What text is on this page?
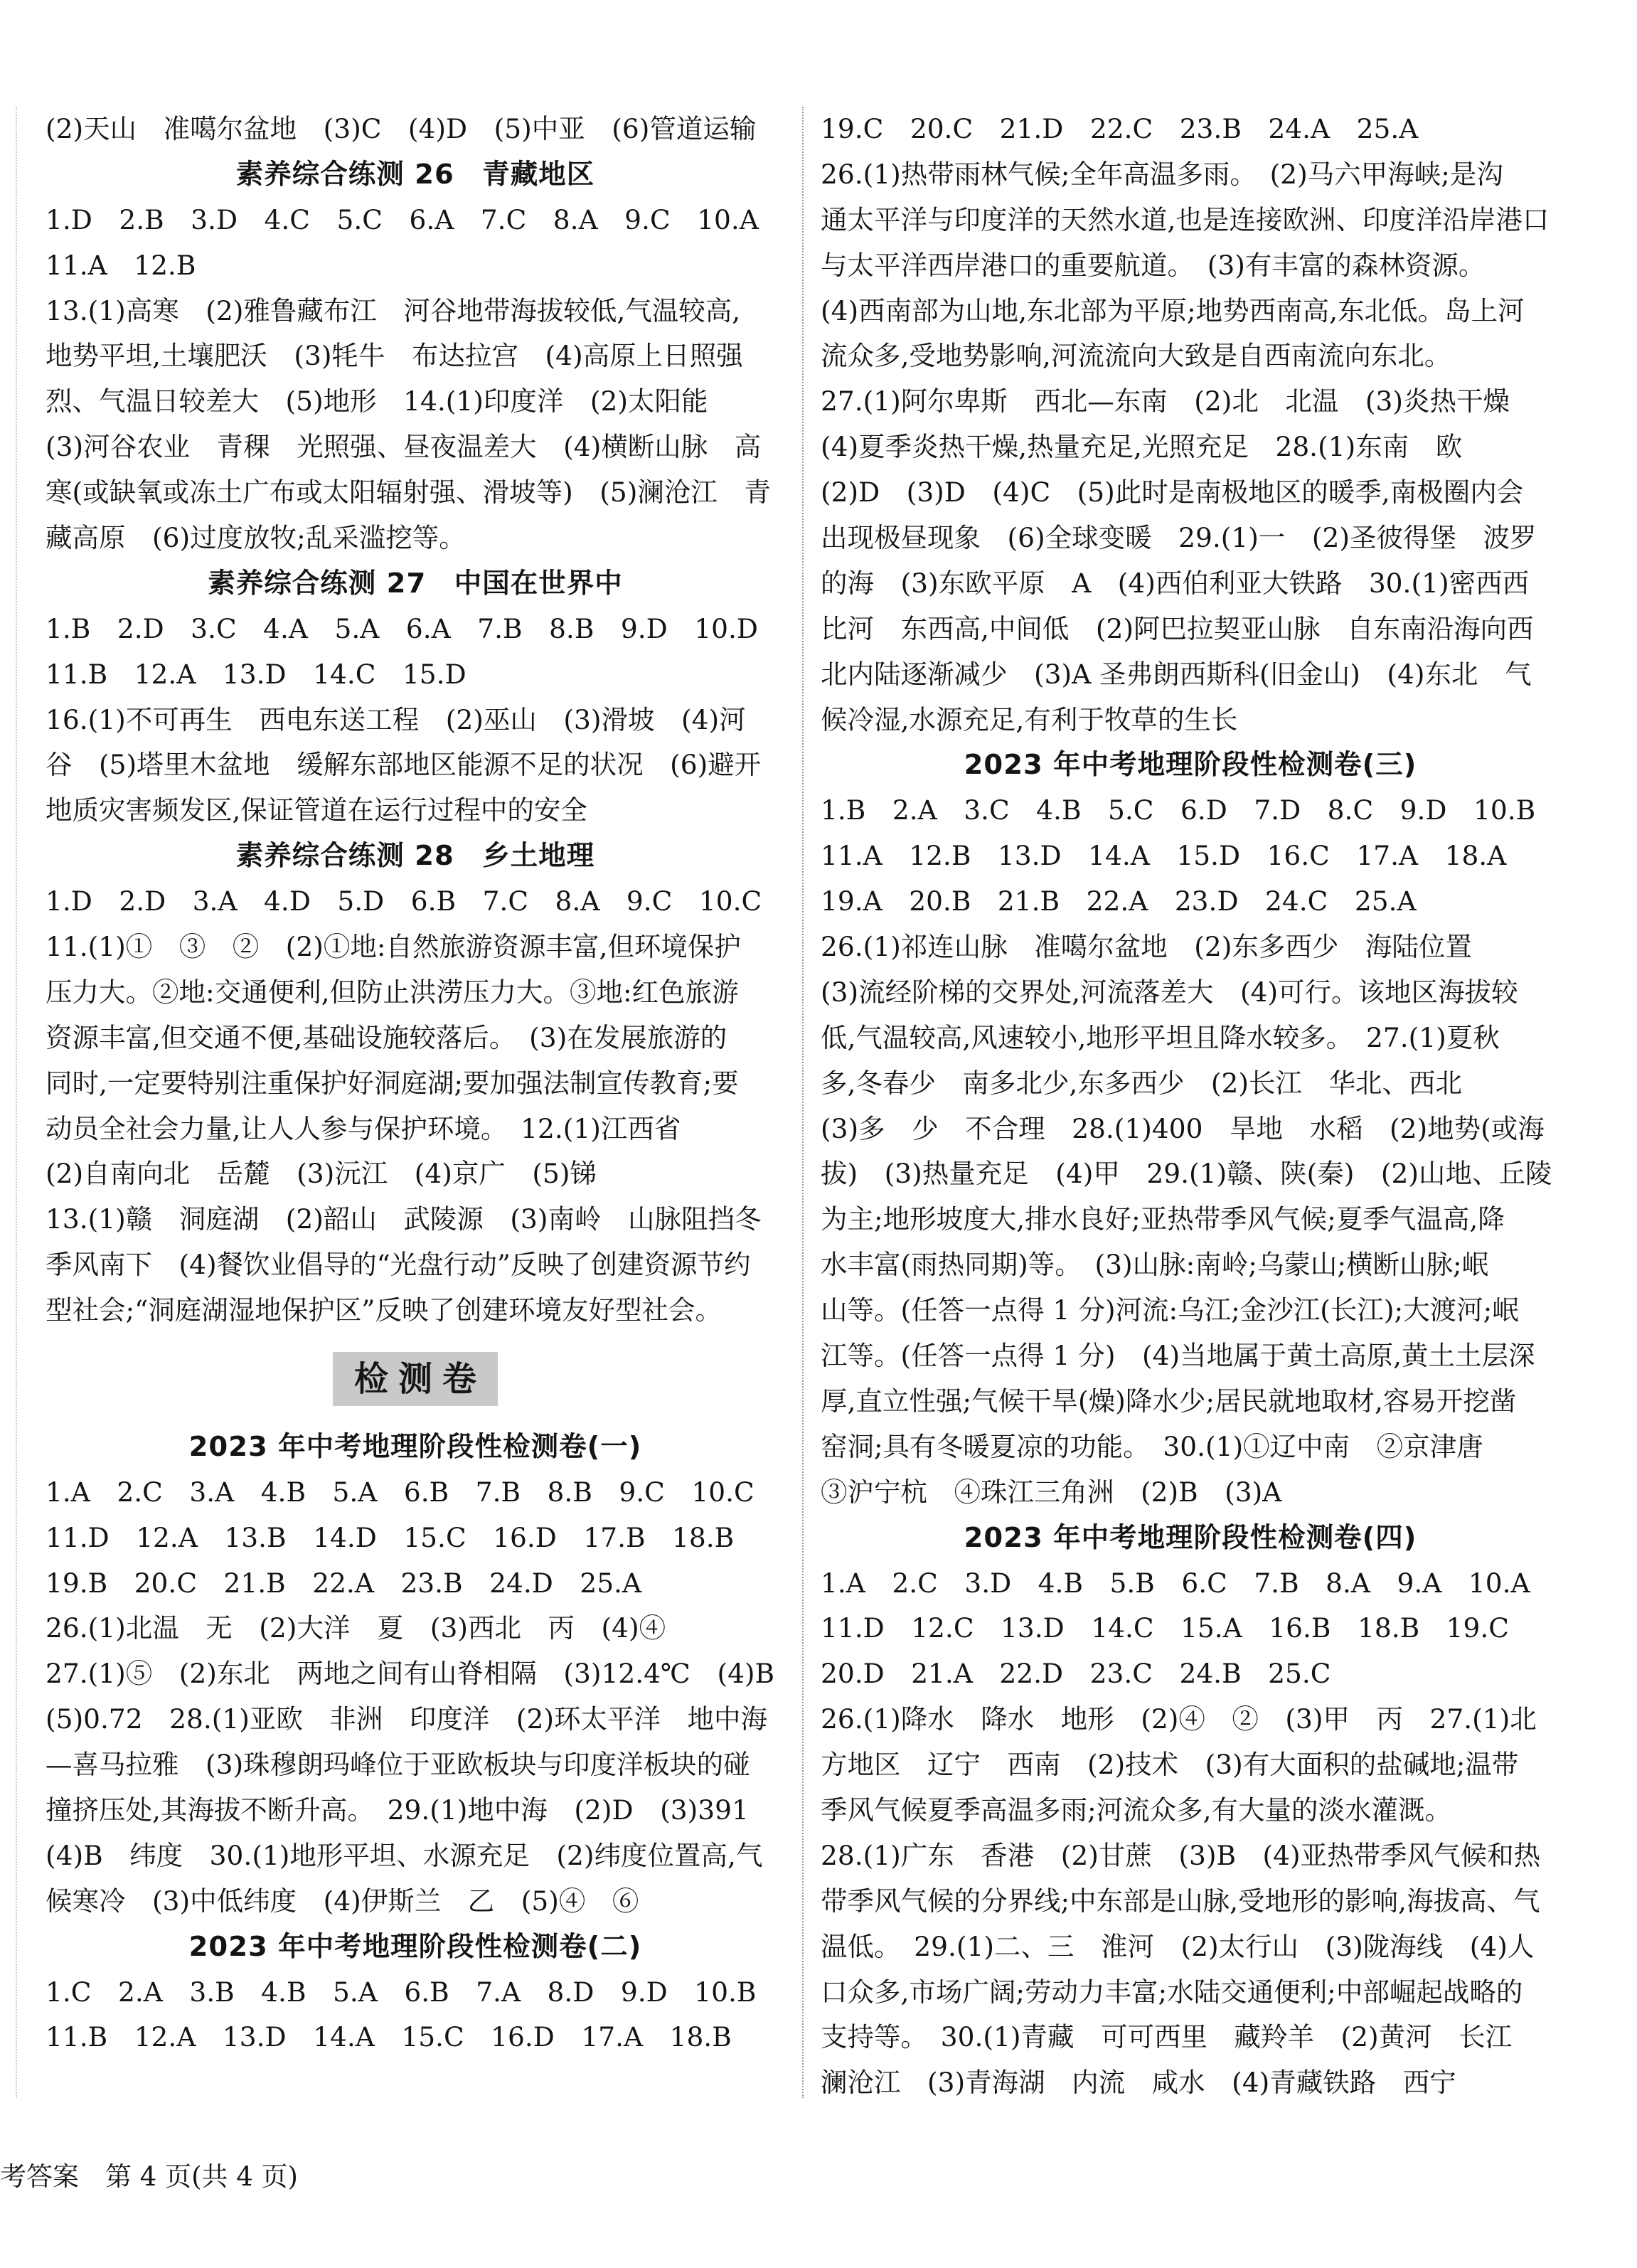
(2)天山　准噶尔盆地　(3)C　(4)D　(5)中亚　(6)管道运输
素养综合练测 26　青藏地区
1.D　2.B　3.D　4.C　5.C　6.A　7.C　8.A　9.C　10.A
11.A　12.B
13.(1)高寒　(2)雅鲁藏布江　河谷地带海拔较低,气温较高,
地势平坦,土壤肥沃　(3)牦牛　布达拉宫　(4)高原上日照强
烈、气温日较差大　(5)地形　14.(1)印度洋　(2)太阳能
(3)河谷农业　青稞　光照强、昼夜温差大　(4)横断山脉　高
寒(或缺氧或冻土广布或太阳辐射强、滑坡等)　(5)澜沧江　青
藏高原　(6)过度放牧;乱采滥挖等。
素养综合练测 27　中国在世界中
1.B　2.D　3.C　4.A　5.A　6.A　7.B　8.B　9.D　10.D
11.B　12.A　13.D　14.C　15.D
16.(1)不可再生　西电东送工程　(2)巫山　(3)滑坡　(4)河
谷　(5)塔里木盆地　缓解东部地区能源不足的状况　(6)避开
地质灾害频发区,保证管道在运行过程中的安全
素养综合练测 28　乡土地理
1.D　2.D　3.A　4.D　5.D　6.B　7.C　8.A　9.C　10.C
11.(1)①　③　②　(2)①地:自然旅游资源丰富,但环境保护
压力大。②地:交通便利,但防止洪涝压力大。③地:红色旅游
资源丰富,但交通不便,基础设施较落后。　(3)在发展旅游的
同时,一定要特别注重保护好洞庭湖;要加强法制宣传教育;要
动员全社会力量,让人人参与保护环境。　12.(1)江西省
(2)自南向北　岳麓　(3)沅江　(4)京广　(5)锑
13.(1)赣　洞庭湖　(2)韶山　武陵源　(3)南岭　山脉阻挡冬
季风南下　(4)餐饮业倡导的“光盘行动”反映了创建资源节约
型社会;“洞庭湖湿地保护区”反映了创建环境友好型社会。
检测卷
2023 年中考地理阶段性检测卷(一)
1.A　2.C　3.A　4.B　5.A　6.B　7.B　8.B　9.C　10.C
11.D　12.A　13.B　14.D　15.C　16.D　17.B　18.B
19.B　20.C　21.B　22.A　23.B　24.D　25.A
26.(1)北温　无　(2)大洋　夏　(3)西北　丙　(4)④
27.(1)⑤　(2)东北　两地之间有山脊相隔　(3)12.4℃　(4)B
(5)0.72　28.(1)亚欧　非洲　印度洋　(2)环太平洋　地中海
—喜马拉雅　(3)珠穆朗玛峰位于亚欧板块与印度洋板块的碰
撞挤压处,其海拔不断升高。　29.(1)地中海　(2)D　(3)391
(4)B　纬度　30.(1)地形平坦、水源充足　(2)纬度位置高,气
候寒冷　(3)中低纬度　(4)伊斯兰　乙　(5)④　⑥
2023 年中考地理阶段性检测卷(二)
1.C　2.A　3.B　4.B　5.A　6.B　7.A　8.D　9.D　10.B
11.B　12.A　13.D　14.A　15.C　16.D　17.A　18.B
19.C　20.C　21.D　22.C　23.B　24.A　25.A
26.(1)热带雨林气候;全年高温多雨。　(2)马六甲海峡;是沟
通太平洋与印度洋的天然水道,也是连接欧洲、印度洋沿岸港口
与太平洋西岸港口的重要航道。　(3)有丰富的森林资源。
(4)西南部为山地,东北部为平原;地势西南高,东北低。岛上河
流众多,受地势影响,河流流向大致是自西南流向东北。
27.(1)阿尔卑斯　西北—东南　(2)北　北温　(3)炎热干燥
(4)夏季炎热干燥,热量充足,光照充足　28.(1)东南　欧
(2)D　(3)D　(4)C　(5)此时是南极地区的暖季,南极圈内会
出现极昼现象　(6)全球变暖　29.(1)一　(2)圣彼得堡　波罗
的海　(3)东欧平原　A　(4)西伯利亚大铁路　30.(1)密西西
比河　东西高,中间低　(2)阿巴拉契亚山脉　自东南沿海向西
北内陆逐渐减少　(3)A 圣弗朗西斯科(旧金山)　(4)东北　气
候冷湿,水源充足,有利于牧草的生长
2023 年中考地理阶段性检测卷(三)
1.B　2.A　3.C　4.B　5.C　6.D　7.D　8.C　9.D　10.B
11.A　12.B　13.D　14.A　15.D　16.C　17.A　18.A
19.A　20.B　21.B　22.A　23.D　24.C　25.A
26.(1)祁连山脉　准噶尔盆地　(2)东多西少　海陆位置
(3)流经阶梯的交界处,河流落差大　(4)可行。该地区海拔较
低,气温较高,风速较小,地形平坦且降水较多。　27.(1)夏秋
多,冬春少　南多北少,东多西少　(2)长江　华北、西北
(3)多　少　不合理　28.(1)400　旱地　水稻　(2)地势(或海
拔)　(3)热量充足　(4)甲　29.(1)赣、陕(秦)　(2)山地、丘陵
为主;地形坡度大,排水良好;亚热带季风气候;夏季气温高,降
水丰富(雨热同期)等。　(3)山脉:南岭;乌蒙山;横断山脉;岷
山等。(任答一点得 1 分)河流:乌江;金沙江(长江);大渡河;岷
江等。(任答一点得 1 分)　(4)当地属于黄土高原,黄土土层深
厚,直立性强;气候干旱(燥)降水少;居民就地取材,容易开挖凿
窑洞;具有冬暖夏凉的功能。　30.(1)①辽中南　②京津唐
③沪宁杭　④珠江三角洲　(2)B　(3)A
2023 年中考地理阶段性检测卷(四)
1.A　2.C　3.D　4.B　5.B　6.C　7.B　8.A　9.A　10.A
11.D　12.C　13.D　14.C　15.A　16.B　18.B　19.C
20.D　21.A　22.D　23.C　24.B　25.C
26.(1)降水　降水　地形　(2)④　②　(3)甲　丙　27.(1)北
方地区　辽宁　西南　(2)技术　(3)有大面积的盐碱地;温带
季风气候夏季高温多雨;河流众多,有大量的淡水灌溉。
28.(1)广东　香港　(2)甘蔗　(3)B　(4)亚热带季风气候和热
带季风气候的分界线;中东部是山脉,受地形的影响,海拔高、气
温低。　29.(1)二、三　淮河　(2)太行山　(3)陇海线　(4)人
口众多,市场广阔;劳动力丰富;水陆交通便利;中部崛起战略的
支持等。　30.(1)青藏　可可西里　藏羚羊　(2)黄河　长江
澜沧江　(3)青海湖　内流　咸水　(4)青藏铁路　西宁
考答案　第 4 页(共 4 页)
